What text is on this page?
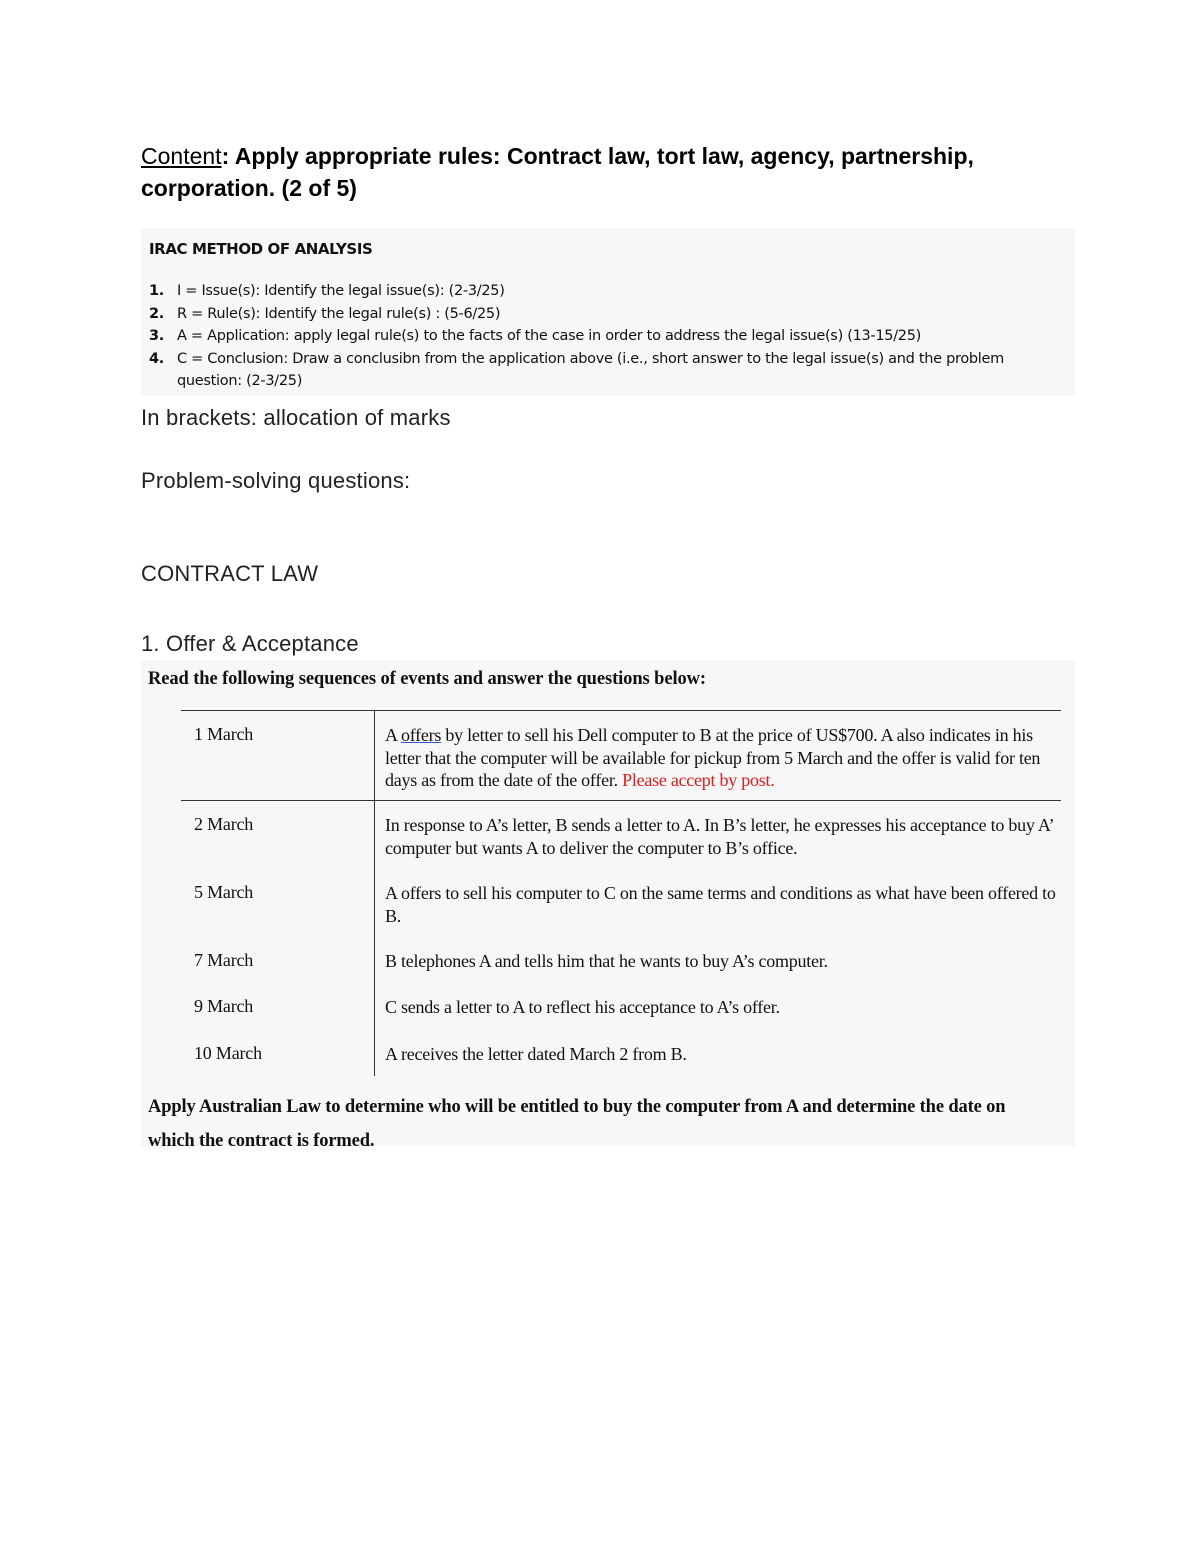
Content: Apply appropriate rules: Contract law, tort law, agency, partnership,
corporation. (2 of 5)
IRAC METHOD OF ANALYSIS
1. I = Issue(s): Identify the legal issue(s): (2-3/25)
2. R = Rule(s): Identify the legal rule(s) : (5-6/25)
3. A = Application: apply legal rule(s) to the facts of the case in order to address the legal issue(s) (13-15/25)
4. C = Conclusion: Draw a conclusibn from the application above (i.e., short answer to the legal issue(s) and the problem question: (2-3/25)
In brackets: allocation of marks
Problem-solving questions:
CONTRACT LAW
1. Offer & Acceptance
Read the following sequences of events and answer the questions below:
1 March	A offers by letter to sell his Dell computer to B at the price of US$700. A also indicates in his letter that the computer will be available for pickup from 5 March and the offer is valid for ten days as from the date of the offer. Please accept by post.
2 March	In response to A’s letter, B sends a letter to A. In B’s letter, he expresses his acceptance to buy A’ computer but wants A to deliver the computer to B’s office.
5 March	A offers to sell his computer to C on the same terms and conditions as what have been offered to B.
7 March	B telephones A and tells him that he wants to buy A’s computer.
9 March	C sends a letter to A to reflect his acceptance to A’s offer.
10 March	A receives the letter dated March 2 from B.
Apply Australian Law to determine who will be entitled to buy the computer from A and determine the date on which the contract is formed.
